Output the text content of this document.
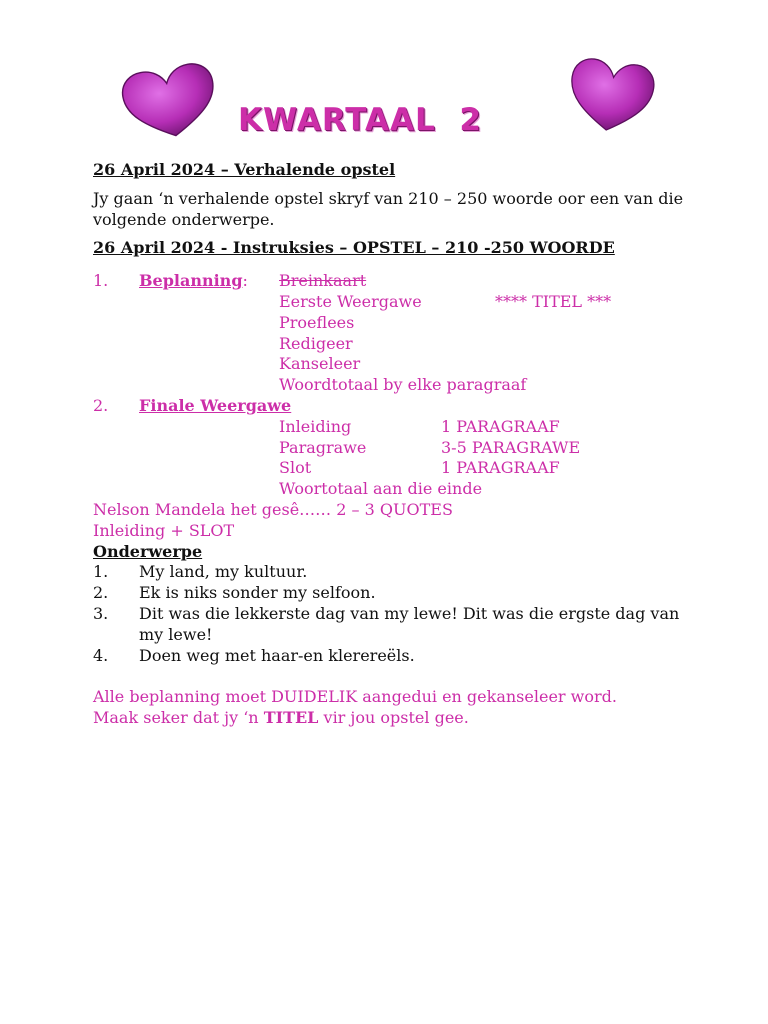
KWARTAAL  2

26 April 2024 – Verhalende opstel

Jy gaan ‘n verhalende opstel skryf van 210 – 250 woorde oor een van die volgende onderwerpe.

26 April 2024 - Instruksies – OPSTEL – 210 -250 WOORDE

1. Beplanning: Breinkaart
Eerste Weergawe	**** TITEL ***
Proeflees
Redigeer
Kanseleer
Woordtotaal by elke paragraaf
2. Finale Weergawe
Inleiding	1 PARAGRAAF
Paragrawe	3-5 PARAGRAWE
Slot	1 PARAGRAAF
Woortotaal aan die einde
Nelson Mandela het gesê…… 2 – 3 QUOTES
Inleiding + SLOT
Onderwerpe
1. My land, my kultuur.
2. Ek is niks sonder my selfoon.
3. Dit was die lekkerste dag van my lewe! Dit was die ergste dag van my lewe!
4. Doen weg met haar-en klerereëls.
Alle beplanning moet DUIDELIK aangedui en gekanseleer word.
Maak seker dat jy ‘n TITEL vir jou opstel gee.
